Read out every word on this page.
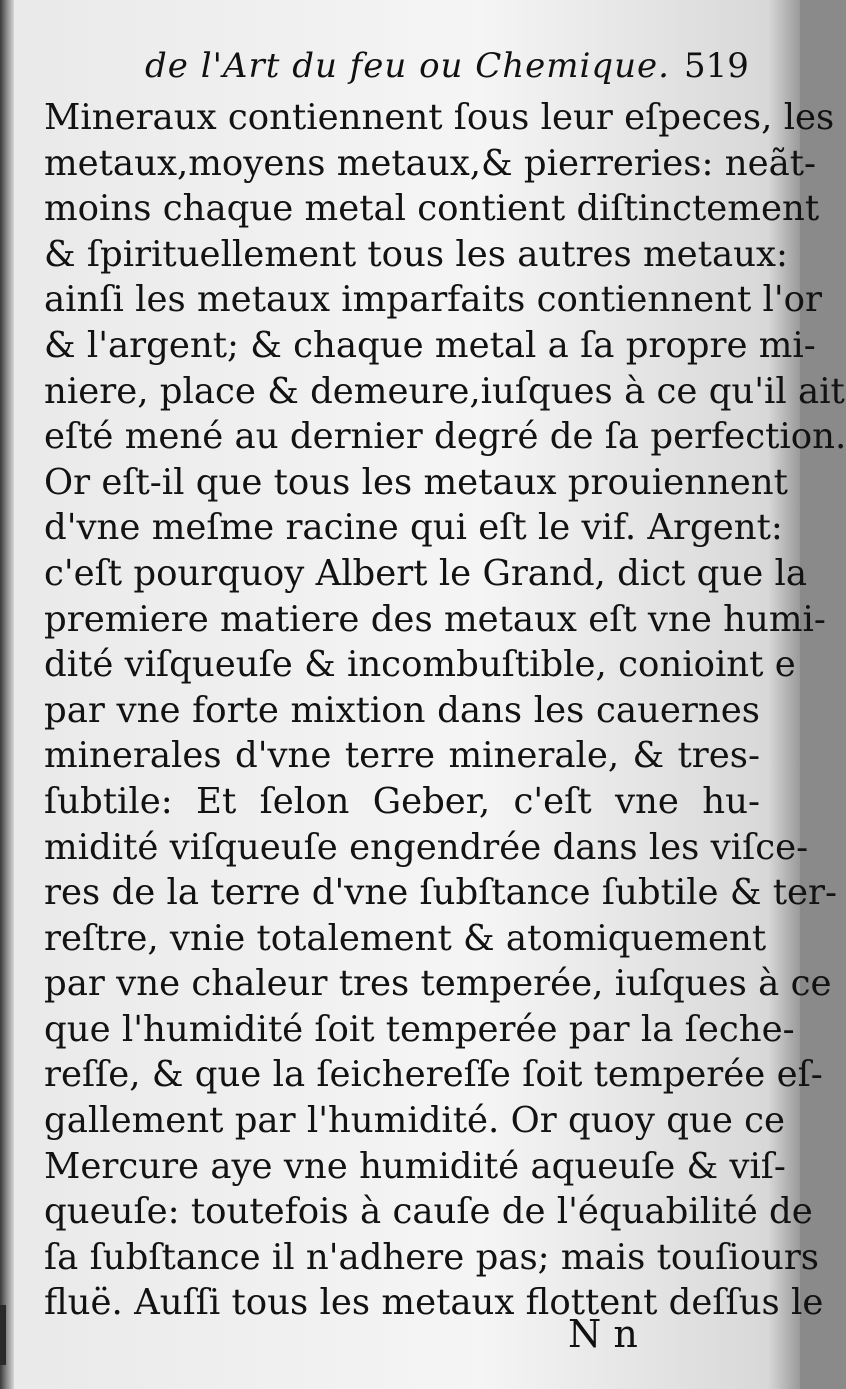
de l'Art du feu ou Chemique. 519
Mineraux contiennent ſous leur eſpeces, les
metaux,moyens metaux,& pierreries: neãt-
moins chaque metal contient diſtinctement
& ſpirituellement tous les autres metaux:
ainſi les metaux imparfaits contiennent l'or
& l'argent; & chaque metal a ſa propre mi-
niere, place & demeure,iuſques à ce qu'il ait
eſté mené au dernier degré de ſa perfection.
Or eſt-il que tous les metaux prouiennent
d'vne meſme racine qui eſt le vif. Argent:
c'eſt pourquoy Albert le Grand, dict que la
premiere matiere des metaux eſt vne humi-
dité viſqueuſe & incombuſtible, conioint e
par vne forte mixtion dans les cauernes
minerales d'vne terre minerale, & tres-
ſubtile: Et ſelon Geber, c'eſt vne hu-
midité viſqueuſe engendrée dans les viſce-
res de la terre d'vne ſubſtance ſubtile & ter-
reſtre, vnie totalement & atomiquement
par vne chaleur tres temperée, iuſques à ce
que l'humidité ſoit temperée par la ſeche-
reſſe, & que la ſeichereſſe ſoit temperée eſ-
gallement par l'humidité. Or quoy que ce
Mercure aye vne humidité aqueuſe & viſ-
queuſe: toutefois à cauſe de l'équabilité de
ſa ſubſtance il n'adhere pas; mais touſiours
fluë. Auſſi tous les metaux flottent deſſus le
N n
